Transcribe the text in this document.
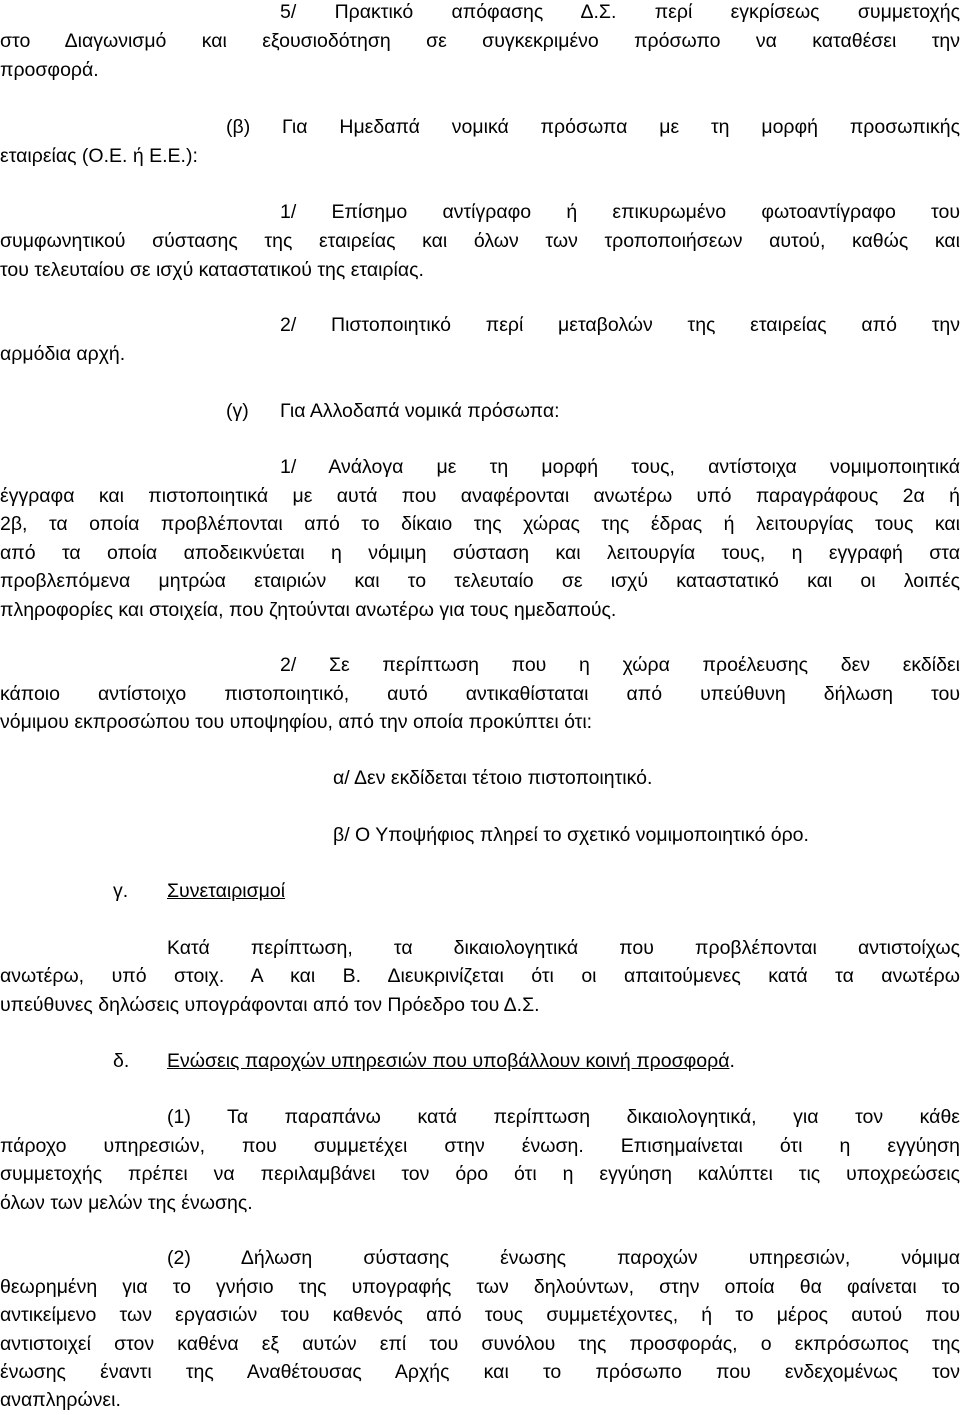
5/ Πρακτικό απόφασης Δ.Σ. περί εγκρίσεως συμμετοχής
στο Διαγωνισμό και εξουσιοδότηση σε συγκεκριμένο πρόσωπο να καταθέσει την
προσφορά.
(β) Για Ημεδαπά νομικά πρόσωπα με τη μορφή προσωπικής
εταιρείας (Ο.Ε. ή Ε.Ε.):
1/ Επίσημο αντίγραφο ή επικυρωμένο φωτοαντίγραφο του
συμφωνητικού σύστασης της εταιρείας και όλων των τροποποιήσεων αυτού, καθώς και
του τελευταίου σε ισχύ καταστατικού της εταιρίας.
2/ Πιστοποιητικό περί μεταβολών της εταιρείας από την
αρμόδια αρχή.
(γ) Για Αλλοδαπά νομικά πρόσωπα:
1/ Ανάλογα με τη μορφή τους, αντίστοιχα νομιμοποιητικά
έγγραφα και πιστοποιητικά με αυτά που αναφέρονται ανωτέρω υπό παραγράφους 2α ή
2β, τα οποία προβλέπονται από το δίκαιο της χώρας της έδρας ή λειτουργίας τους και
από τα οποία αποδεικνύεται η νόμιμη σύσταση και λειτουργία τους, η εγγραφή στα
προβλεπόμενα μητρώα εταιριών και το τελευταίο σε ισχύ καταστατικό και οι λοιπές
πληροφορίες και στοιχεία, που ζητούνται ανωτέρω για τους ημεδαπούς.
2/ Σε περίπτωση που η χώρα προέλευσης δεν εκδίδει
κάποιο αντίστοιχο πιστοποιητικό, αυτό αντικαθίσταται από υπεύθυνη δήλωση του
νόμιμου εκπροσώπου του υποψηφίου, από την οποία προκύπτει ότι:
α/ Δεν εκδίδεται τέτοιο πιστοποιητικό.
β/ Ο Υποψήφιος πληρεί το σχετικό νομιμοποιητικό όρο.
γ. Συνεταιρισμοί
Κατά περίπτωση, τα δικαιολογητικά που προβλέπονται αντιστοίχως
ανωτέρω, υπό στοιχ. Α και Β. Διευκρινίζεται ότι οι απαιτούμενες κατά τα ανωτέρω
υπεύθυνες δηλώσεις υπογράφονται από τον Πρόεδρο του Δ.Σ.
δ. Ενώσεις παροχών υπηρεσιών που υποβάλλουν κοινή προσφορά.
(1) Τα παραπάνω κατά περίπτωση δικαιολογητικά, για τον κάθε
πάροχο υπηρεσιών, που συμμετέχει στην ένωση. Επισημαίνεται ότι η εγγύηση
συμμετοχής πρέπει να περιλαμβάνει τον όρο ότι η εγγύηση καλύπτει τις υποχρεώσεις
όλων των μελών της ένωσης.
(2) Δήλωση σύστασης ένωσης παροχών υπηρεσιών, νόμιμα
θεωρημένη για το γνήσιο της υπογραφής των δηλούντων, στην οποία θα φαίνεται το
αντικείμενο των εργασιών του καθενός από τους συμμετέχοντες, ή το μέρος αυτού που
αντιστοιχεί στον καθένα εξ αυτών επί του συνόλου της προσφοράς, ο εκπρόσωπος της
ένωσης έναντι της Αναθέτουσας Αρχής και το πρόσωπο που ενδεχομένως τον
αναπληρώνει.
